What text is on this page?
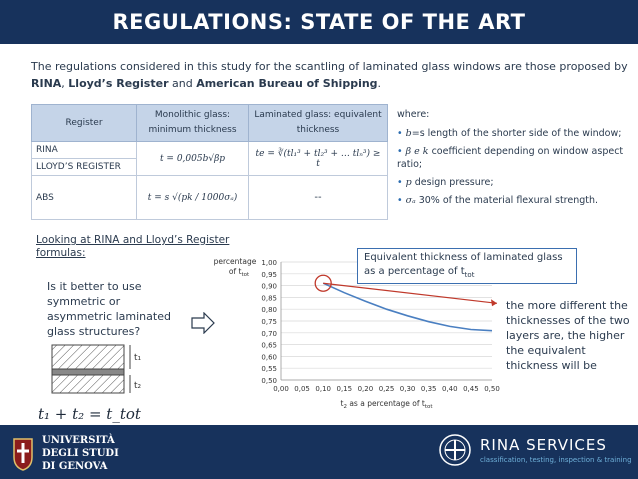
REGULATIONS: STATE OF THE ART

The regulations considered in this study for the scantling of laminated glass windows are those proposed by RINA, Lloyd’s Register and American Bureau of Shipping.

Register	Monolithic glass: minimum thickness	Laminated glass: equivalent thickness
RINA	t = 0,005b√βp	te = ∛(tl₁³ + tl₂³ + … tlₙ³) ≥ t
LLOYD’S REGISTER		
ABS	t = s √(pk / 1000σₐ)	--
where:
• b=s length of the shorter side of the window;
• β e k coefficient depending on window aspect ratio;
• p design pressure;
• σₐ 30% of the material flexural strength.
Looking at RINA and Lloyd’s Register formulas:
Is it better to use symmetric or asymmetric laminated glass structures?
t₁
t₂
t₁ + t₂ = t_tot
0,50
0,55
0,60
0,65
0,70
0,75
0,80
0,85
0,90
0,95
1,00
0,00 0,05 0,10 0,15 0,20 0,25 0,30 0,35 0,40 0,45 0,50
percentage
of $t_{tot}$
$t_2$ as a percentage of $t_{tot}$
Equivalent thickness of laminated glass as a percentage of $t_{tot}$
the more different the thicknesses of the two layers are, the higher the equivalent thickness will be
UNIVERSITÀ
DEGLI STUDI
DI GENOVA
RINA SERVICES
classification, testing, inspection & training
